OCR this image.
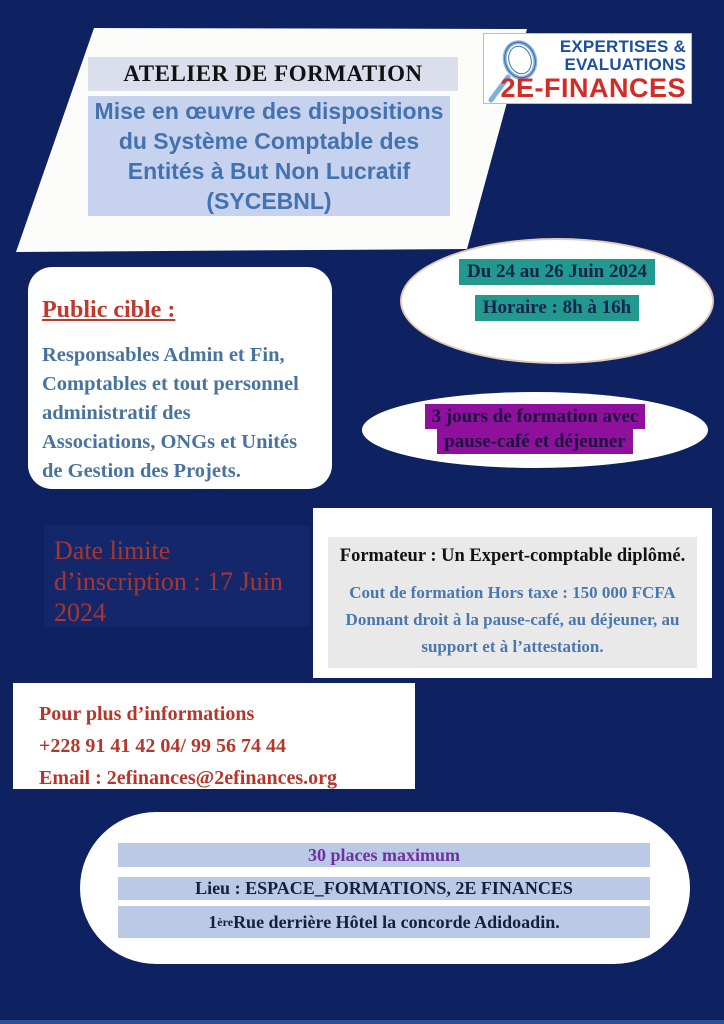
ATELIER DE FORMATION
Mise en œuvre des dispositions
du Système Comptable des
Entités à But Non Lucratif
(SYCEBNL)
EXPERTISES &
EVALUATIONS
2E-FINANCES
Public cible :
Responsables Admin et Fin,
Comptables et tout personnel
administratif des
Associations, ONGs et Unités
de Gestion des Projets.
Du 24 au 26 Juin 2024
Horaire : 8h à 16h
3 jours de formation avec
pause-café et déjeuner
Date limite
d’inscription : 17 Juin
2024
Formateur : Un Expert-comptable diplômé.
Cout de formation Hors taxe : 150 000 FCFA
Donnant droit à la pause-café, au déjeuner, au
support et à l’attestation.
Pour plus d’informations
+228 91 41 42 04/ 99 56 74 44
Email : 2efinances@2efinances.org
30 places maximum
Lieu : ESPACE_FORMATIONS, 2E FINANCES
1 ère Rue derrière Hôtel la concorde Adidoadin.
